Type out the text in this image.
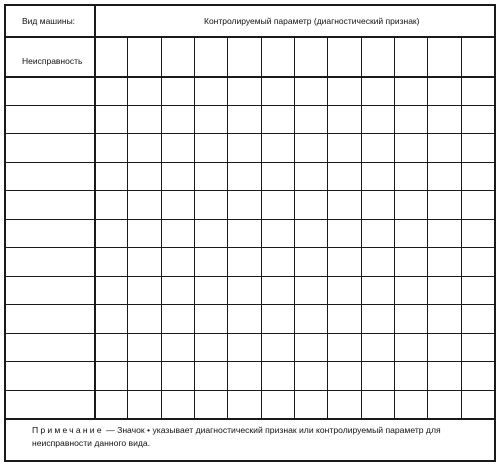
Вид машины:	Контролируемый параметр (диагностический признак)
Неисправность
Примечание — Значок • указывает диагностический признак или контролируемый параметр для неисправности данного вида.
